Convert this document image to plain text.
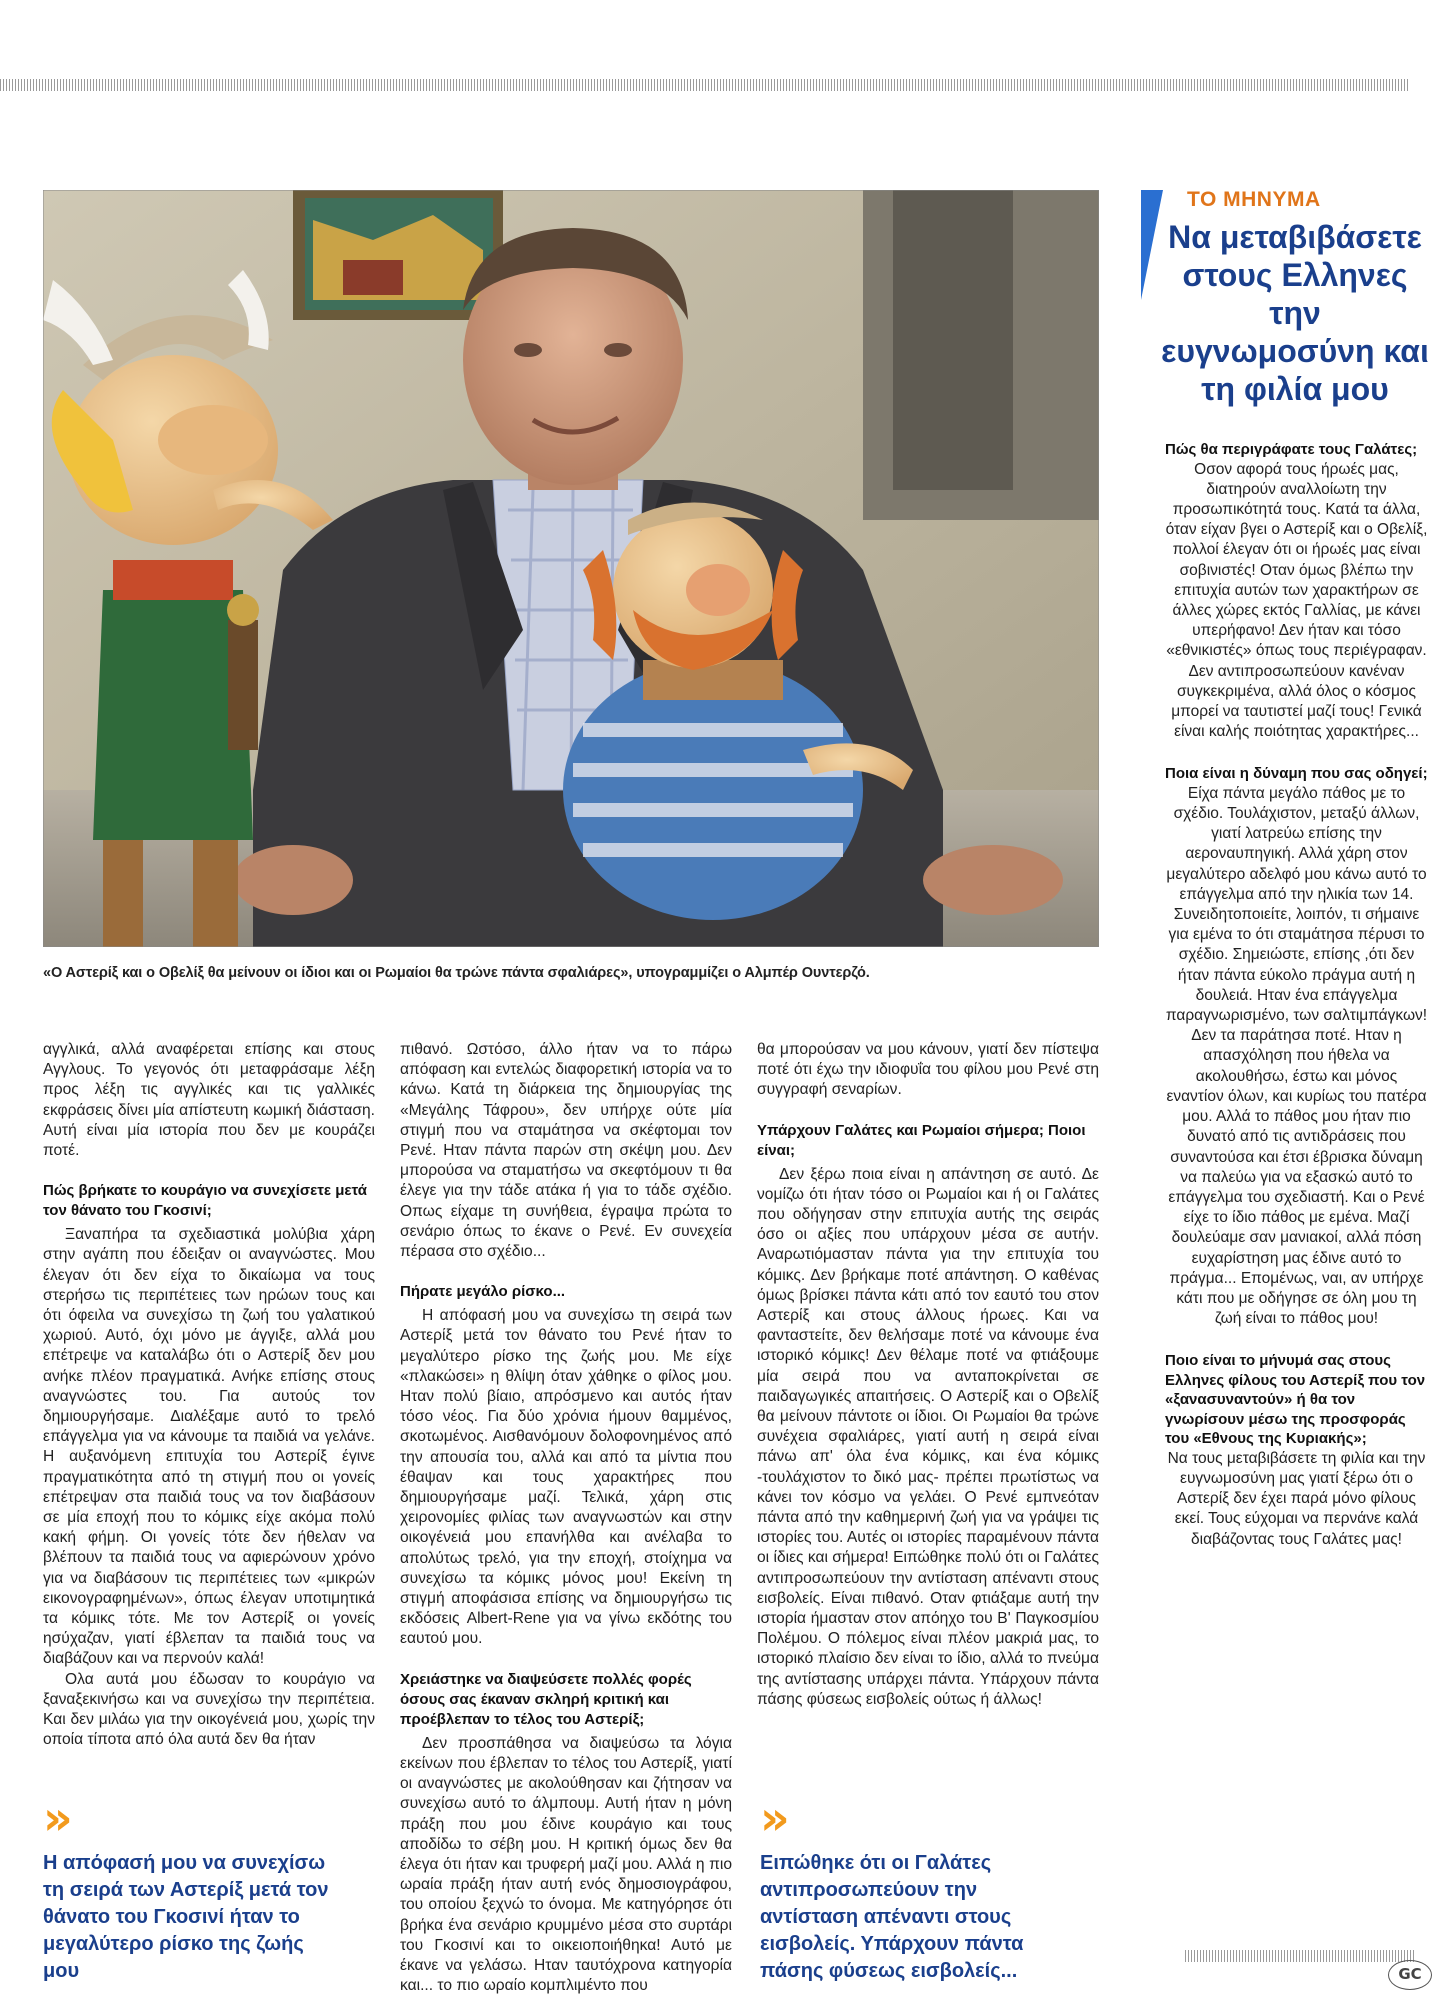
«Ο Αστερίξ και ο Οβελίξ θα μείνουν οι ίδιοι και οι Ρωμαίοι θα τρώνε πάντα σφαλιάρες», υπογραμμίζει ο Αλμπέρ Ουντερζό.

αγγλικά, αλλά αναφέρεται επίσης και στους Αγγλους. Το γεγονός ότι μεταφράσαμε λέξη προς λέξη τις αγγλικές και τις γαλλικές εκφράσεις δίνει μία απίστευτη κωμική διάσταση. Αυτή είναι μία ιστορία που δεν με κουράζει ποτέ.

Πώς βρήκατε το κουράγιο να συνεχίσετε μετά τον θάνατο του Γκοσινί;

Ξαναπήρα τα σχεδιαστικά μολύβια χάρη στην αγάπη που έδειξαν οι αναγνώστες. Μου έλεγαν ότι δεν είχα το δικαίωμα να τους στερήσω τις περιπέτειες των ηρώων τους και ότι όφειλα να συνεχίσω τη ζωή του γαλατικού χωριού. Αυτό, όχι μόνο με άγγιξε, αλλά μου επέτρεψε να καταλάβω ότι ο Αστερίξ δεν μου ανήκε πλέον πραγματικά. Ανήκε επίσης στους αναγνώστες του. Για αυτούς τον δημιουργήσαμε. Διαλέξαμε αυτό το τρελό επάγγελμα για να κάνουμε τα παιδιά να γελάνε. Η αυξανόμενη επιτυχία του Αστερίξ έγινε πραγματικότητα από τη στιγμή που οι γονείς επέτρεψαν στα παιδιά τους να τον διαβάσουν σε μία εποχή που το κόμικς είχε ακόμα πολύ κακή φήμη. Οι γονείς τότε δεν ήθελαν να βλέπουν τα παιδιά τους να αφιερώνουν χρόνο για να διαβάσουν τις περιπέτειες των «μικρών εικονογραφημένων», όπως έλεγαν υποτιμητικά τα κόμικς τότε. Με τον Αστερίξ οι γονείς ησύχαζαν, γιατί έβλεπαν τα παιδιά τους να διαβάζουν και να περνούν καλά!

Ολα αυτά μου έδωσαν το κουράγιο να ξαναξεκινήσω και να συνεχίσω την περιπέτεια. Και δεν μιλάω για την οικογένειά μου, χωρίς την οποία τίποτα από όλα αυτά δεν θα ήταν

»
Η απόφασή μου να συνεχίσω τη σειρά των Αστερίξ μετά τον θάνατο του Γκοσινί ήταν το μεγαλύτερο ρίσκο της ζωής μου

πιθανό. Ωστόσο, άλλο ήταν να το πάρω απόφαση και εντελώς διαφορετική ιστορία να το κάνω. Κατά τη διάρκεια της δημιουργίας της «Μεγάλης Τάφρου», δεν υπήρχε ούτε μία στιγμή που να σταμάτησα να σκέφτομαι τον Ρενέ. Ηταν πάντα παρών στη σκέψη μου. Δεν μπορούσα να σταματήσω να σκεφτόμουν τι θα έλεγε για την τάδε ατάκα ή για το τάδε σχέδιο. Οπως είχαμε τη συνήθεια, έγραψα πρώτα το σενάριο όπως το έκανε ο Ρενέ. Εν συνεχεία πέρασα στο σχέδιο...

Πήρατε μεγάλο ρίσκο...

Η απόφασή μου να συνεχίσω τη σειρά των Αστερίξ μετά τον θάνατο του Ρενέ ήταν το μεγαλύτερο ρίσκο της ζωής μου. Με είχε «πλακώσει» η θλίψη όταν χάθηκε ο φίλος μου. Ηταν πολύ βίαιο, απρόσμενο και αυτός ήταν τόσο νέος. Για δύο χρόνια ήμουν θαμμένος, σκοτωμένος. Αισθανόμουν δολοφονημένος από την απουσία του, αλλά και από τα μίντια που έθαψαν και τους χαρακτήρες που δημιουργήσαμε μαζί. Τελικά, χάρη στις χειρονομίες φιλίας των αναγνωστών και στην οικογένειά μου επανήλθα και ανέλαβα το απολύτως τρελό, για την εποχή, στοίχημα να συνεχίσω τα κόμικς μόνος μου! Εκείνη τη στιγμή αποφάσισα επίσης να δημιουργήσω τις εκδόσεις Albert-Rene για να γίνω εκδότης του εαυτού μου.

Χρειάστηκε να διαψεύσετε πολλές φορές όσους σας έκαναν σκληρή κριτική και προέβλεπαν το τέλος του Αστερίξ;

Δεν προσπάθησα να διαψεύσω τα λόγια εκείνων που έβλεπαν το τέλος του Αστερίξ, γιατί οι αναγνώστες με ακολούθησαν και ζήτησαν να συνεχίσω αυτό το άλμπουμ. Αυτή ήταν η μόνη πράξη που μου έδινε κουράγιο και τους αποδίδω το σέβη μου. Η κριτική όμως δεν θα έλεγα ότι ήταν και τρυφερή μαζί μου. Αλλά η πιο ωραία πράξη ήταν αυτή ενός δημοσιογράφου, του οποίου ξεχνώ το όνομα. Με κατηγόρησε ότι βρήκα ένα σενάριο κρυμμένο μέσα στο συρτάρι του Γκοσινί και το οικειοποιήθηκα! Αυτό με έκανε να γελάσω. Ηταν ταυτόχρονα κατηγορία και... το πιο ωραίο κομπλιμέντο που

θα μπορούσαν να μου κάνουν, γιατί δεν πίστεψα ποτέ ότι έχω την ιδιοφυΐα του φίλου μου Ρενέ στη συγγραφή σεναρίων.

Υπάρχουν Γαλάτες και Ρωμαίοι σήμερα; Ποιοι είναι;

Δεν ξέρω ποια είναι η απάντηση σε αυτό. Δε νομίζω ότι ήταν τόσο οι Ρωμαίοι και ή οι Γαλάτες που οδήγησαν στην επιτυχία αυτής της σειράς όσο οι αξίες που υπάρχουν μέσα σε αυτήν. Αναρωτιόμασταν πάντα για την επιτυχία του κόμικς. Δεν βρήκαμε ποτέ απάντηση. Ο καθένας όμως βρίσκει πάντα κάτι από τον εαυτό του στον Αστερίξ και στους άλλους ήρωες. Και να φανταστείτε, δεν θελήσαμε ποτέ να κάνουμε ένα ιστορικό κόμικς! Δεν θέλαμε ποτέ να φτιάξουμε μία σειρά που να ανταποκρίνεται σε παιδαγωγικές απαιτήσεις. Ο Αστερίξ και ο Οβελίξ θα μείνουν πάντοτε οι ίδιοι. Οι Ρωμαίοι θα τρώνε συνέχεια σφαλιάρες, γιατί αυτή η σειρά είναι πάνω απ' όλα ένα κόμικς, και ένα κόμικς -τουλάχιστον το δικό μας- πρέπει πρωτίστως να κάνει τον κόσμο να γελάει. Ο Ρενέ εμπνεόταν πάντα από την καθημερινή ζωή για να γράψει τις ιστορίες του. Αυτές οι ιστορίες παραμένουν πάντα οι ίδιες και σήμερα! Ειπώθηκε πολύ ότι οι Γαλάτες αντιπροσωπεύουν την αντίσταση απέναντι στους εισβολείς. Είναι πιθανό. Οταν φτιάξαμε αυτή την ιστορία ήμασταν στον απόηχο του Β' Παγκοσμίου Πολέμου. Ο πόλεμος είναι πλέον μακριά μας, το ιστορικό πλαίσιο δεν είναι το ίδιο, αλλά το πνεύμα της αντίστασης υπάρχει πάντα. Υπάρχουν πάντα πάσης φύσεως εισβολείς ούτως ή άλλως!

»
Ειπώθηκε ότι οι Γαλάτες αντιπροσωπεύουν την αντίσταση απέναντι στους εισβολείς. Υπάρχουν πάντα πάσης φύσεως εισβολείς...
ΤΟ ΜΗΝΥΜΑ
Να μεταβιβάσετε στους Ελληνες την ευγνωμοσύνη και τη φιλία μου
Πώς θα περιγράφατε τους Γαλάτες;

Οσον αφορά τους ήρωές μας, διατηρούν αναλλοίωτη την προσωπικότητά τους. Κατά τα άλλα, όταν είχαν βγει ο Αστερίξ και ο Οβελίξ, πολλοί έλεγαν ότι οι ήρωές μας είναι σοβινιστές! Οταν όμως βλέπω την επιτυχία αυτών των χαρακτήρων σε άλλες χώρες εκτός Γαλλίας, με κάνει υπερήφανο! Δεν ήταν και τόσο «εθνικιστές» όπως τους περιέγραφαν. Δεν αντιπροσωπεύουν κανέναν συγκεκριμένα, αλλά όλος ο κόσμος μπορεί να ταυτιστεί μαζί τους! Γενικά είναι καλής ποιότητας χαρακτήρες...

Ποια είναι η δύναμη που σας οδηγεί;

Είχα πάντα μεγάλο πάθος με το σχέδιο. Τουλάχιστον, μεταξύ άλλων, γιατί λατρεύω επίσης την αεροναυπηγική. Αλλά χάρη στον μεγαλύτερο αδελφό μου κάνω αυτό το επάγγελμα από την ηλικία των 14. Συνειδητοποιείτε, λοιπόν, τι σήμαινε για εμένα το ότι σταμάτησα πέρυσι το σχέδιο. Σημειώστε, επίσης ,ότι δεν ήταν πάντα εύκολο πράγμα αυτή η δουλειά. Ηταν ένα επάγγελμα παραγνωρισμένο, των σαλτιμπάγκων! Δεν τα παράτησα ποτέ. Ηταν η απασχόληση που ήθελα να ακολουθήσω, έστω και μόνος εναντίον όλων, και κυρίως του πατέρα μου. Αλλά το πάθος μου ήταν πιο δυνατό από τις αντιδράσεις που συναντούσα και έτσι έβρισκα δύναμη να παλεύω για να εξασκώ αυτό το επάγγελμα του σχεδιαστή. Και ο Ρενέ είχε το ίδιο πάθος με εμένα. Μαζί δουλεύαμε σαν μανιακοί, αλλά πόση ευχαρίστηση μας έδινε αυτό το πράγμα... Επομένως, ναι, αν υπήρχε κάτι που με οδήγησε σε όλη μου τη ζωή είναι το πάθος μου!

Ποιο είναι το μήνυμά σας στους Ελληνες φίλους του Αστερίξ που τον «ξανασυναντούν» ή θα τον γνωρίσουν μέσω της προσφοράς του «Εθνους της Κυριακής»;

Να τους μεταβιβάσετε τη φιλία και την ευγνωμοσύνη μας γιατί ξέρω ότι ο Αστερίξ δεν έχει παρά μόνο φίλους εκεί. Τους εύχομαι να περνάνε καλά διαβάζοντας τους Γαλάτες μας!

GC
